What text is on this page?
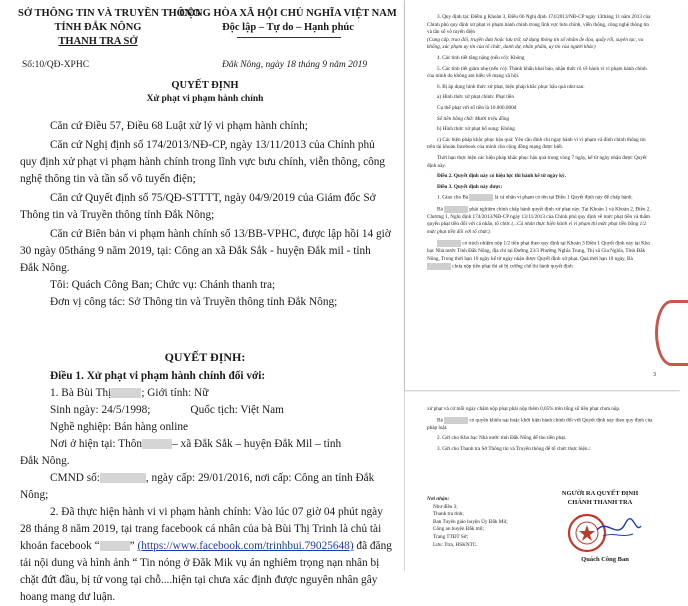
SỞ THÔNG TIN VÀ TRUYỀN THÔNG
TỈNH ĐẮK NÔNG
THANH TRA SỞ
CỘNG HÒA XÃ HỘI CHỦ NGHĨA VIỆT NAM
Độc lập – Tự do – Hạnh phúc
Số:10/QĐ-XPHC	Đăk Nông, ngày 18 tháng 9 năm 2019
QUYẾT ĐỊNH
Xử phạt vi phạm hành chính
Căn cứ Điều 57, Điều 68 Luật xử lý vi phạm hành chính;
Căn cứ Nghị định số 174/2013/NĐ-CP, ngày 13/11/2013 của Chính phủ quy định xử phạt vi phạm hành chính trong lĩnh vực bưu chính, viễn thông, công nghệ thông tin và tần số vô tuyến điện;
Căn cứ Quyết định số 75/QĐ-STTTT, ngày 04/9/2019 của Giám đốc Sở Thông tin và Truyền thông tỉnh Đắk Nông;
Căn cứ Biên bản vi phạm hành chính số 13/BB-VPHC, được lập hồi 14 giờ 30 ngày 05tháng 9 năm 2019, tại: Công an xã Đắk Sắk - huyện Đắk mil - tỉnh Đắk Nông.
Tôi: Quách Công Ban; Chức vụ: Chánh thanh tra;
Đơn vị công tác: Sở Thông tin và Truyền thông tỉnh Đắk Nông;
QUYẾT ĐỊNH:
Điều 1. Xử phạt vi phạm hành chính đối với:
1. Bà Bùi Thị	; Giới tính: Nữ
Sinh ngày: 24/5/1998;	Quốc tịch: Việt Nam
Nghề nghiệp: Bán hàng online
Nơi ở hiện tại: Thôn	– xã Đắk Sắk – huyện Đắk Mil – tỉnh
Đắk Nông.
CMND số:	, ngày cấp: 29/01/2016, nơi cấp: Công an tỉnh Đắk
Nông;
2. Đã thực hiện hành vi vi phạm hành chính: Vào lúc 07 giờ 04 phút ngày 28 tháng 8 năm 2019, tại trang facebook cá nhân của bà Bùi Thị Trinh là chủ tài khoản facebook “	” (https://www.facebook.com/trinhbui.79025648) đã đăng tải nội dung và hình ảnh “ Tin nóng ở Đăk Mik vụ án nghiêm trọng nạn nhân bị chặt đứt đầu, bị tử vong tại chỗ....hiện tại chưa xác định được nguyên nhân gây hoang mang dư luận.
3. Quy định tại: Điểm g Khoản 3, Điều 66 Nghị định 174/2013/NĐ-CP ngày 13tháng 11 năm 2013 của Chính phủ quy định xử phạt vi phạm hành chính trong lĩnh vực bưu chính, viễn thông, công nghệ thông tin và tần số vô tuyến điện
(Cung cấp, trao đổi, truyền đưa hoặc lưu trữ, sử dụng thông tin số nhằm đe dọa, quấy rối, xuyên tạc, vu khống, xúc phạm uy tín của tổ chức, danh dự, nhân phẩm, uy tín của người khác)
4. Các tình tiết tăng nặng (nếu có): Không
5. Các tình tiết giảm nhẹ (nếu có): Thành khẩn khai báo, nhận thức rõ về hành vi vi phạm hành chính của mình do không am hiểu về mạng xã hội.
6. Bị áp dụng hình thức xử phạt, biện pháp khắc phục hậu quả như sau:
a) Hình thức xử phạt chính: Phạt tiền
Cụ thể phạt với số tiền là 10.000.000đ
Số tiền bằng chữ: Mười triệu đồng
b) Hình thức xử phạt bổ sung: Không
c) Các biện pháp khắc phục hậu quả: Yêu cầu đình chỉ ngay hành vi vi phạm và đính chính thông tin trên tài khoản facebook của mình cho cộng đồng mạng được biết.
Thời hạn thực hiện các biện pháp khắc phục hậu quả trong vòng 7 ngày, kể từ ngày nhận được Quyết định này.
Điều 2. Quyết định này có hiệu lực thi hành kể từ ngày ký.
Điều 3. Quyết định này được:
1. Giao cho Bà	là cá nhân vi phạm có tên tại Điều 1 Quyết định này để chấp hành.
Bà	phải nghiêm chỉnh chấp hành quyết định xử phạt này. Tại Khoản 1 và Khoản 2, Điều 2, Chương 1, Nghị định 174/2013/NĐ-CP ngày 13/11/2013 của Chính phủ quy định về mức phạt tiền và thẩm quyền phạt tiền đối với cá nhân, tổ chức (...Cá nhân thực hiện hành vi vi phạm thì mức phạt tiền bằng 1/2 mức phạt tiền đối với tổ chức).
có trách nhiệm nộp 1/2 tiền phạt theo quy định tại Khoản 3 Điều 1 Quyết định này tại Kho bạc Nhà nước Tỉnh Đắk Nông, địa chỉ tại Đường 23/3 Phường Nghĩa Trung, Thị xã Gia Nghĩa, Tỉnh Đắk Nông, Trong thời hạn 10 ngày kể từ ngày nhận được Quyết định xử phạt. Quá thời hạn 10 ngày, Bà  chưa nộp tiền phạt thì sẽ bị cưỡng chế thi hành quyết định
3
xử phạt và cứ mỗi ngày chậm nộp phạt phải nộp thêm 0,05% trên tổng số tiền phạt chưa nộp.
Bà	có quyền khiếu nại hoặc khởi kiện hành chính đối với Quyết định này theo quy định của pháp luật.
2. Gửi cho Kho bạc Nhà nước tỉnh Đắk Nông để thu tiền phạt.
3. Gửi cho Thanh tra Sở Thông tin và Truyền thông để tổ chức thực hiện./.
Nơi nhận:
Như điều 3;
Thanh tra tỉnh;
Ban Tuyên giáo huyện Ủy Đắk Mil;
Công an huyện Đắk mil;
Trang TTĐT Sở;
Lưu: Ttra, HSKNTC.
NGƯỜI RA QUYẾT ĐỊNH
CHÁNH THANH TRA
Quách Công Ban
